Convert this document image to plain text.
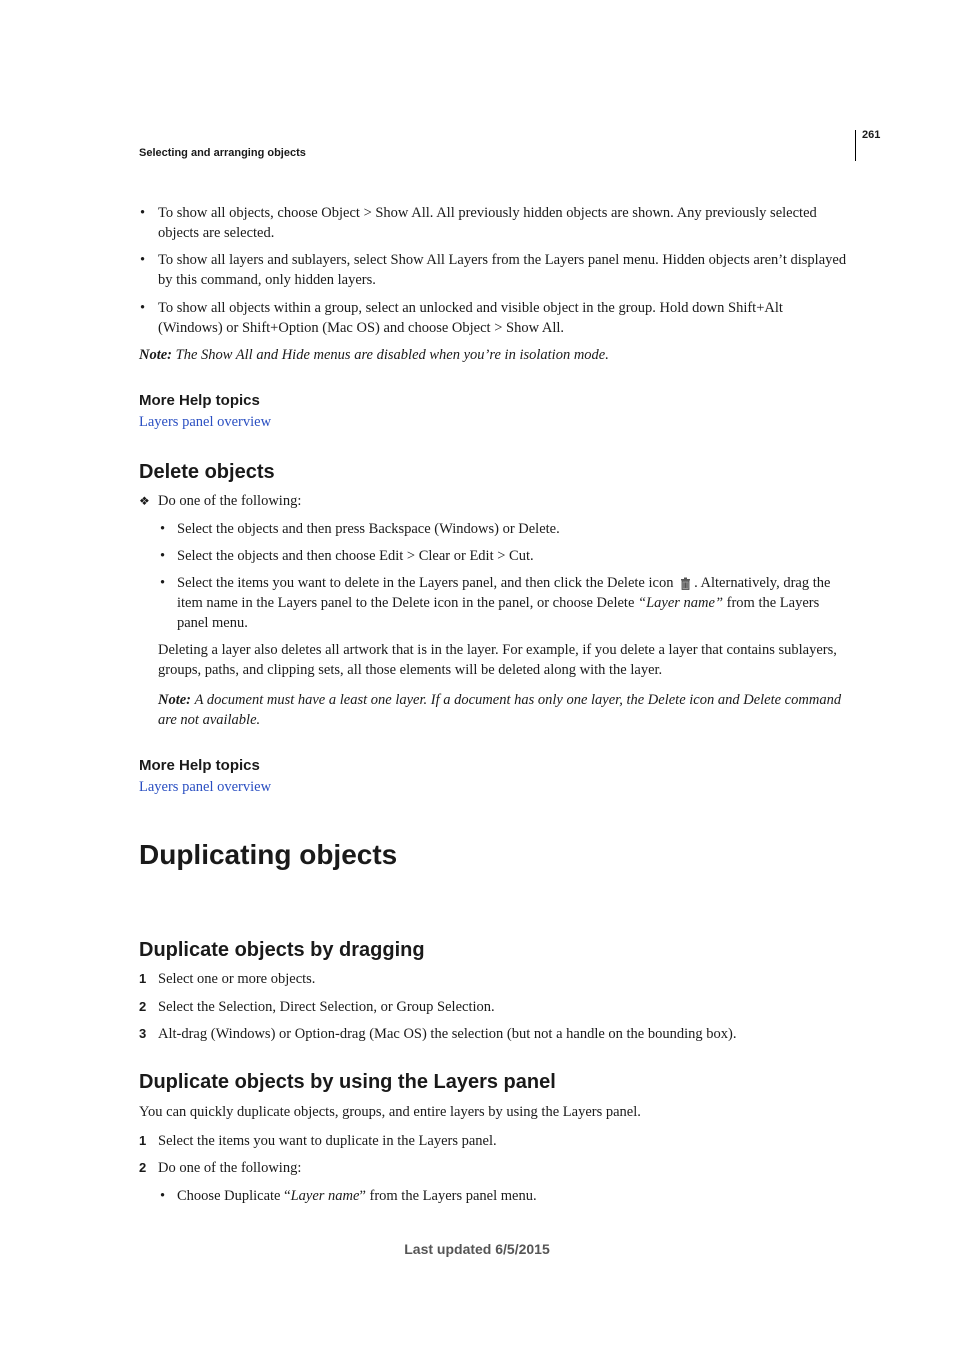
Selecting and arranging objects
261
• To show all objects, choose Object > Show All. All previously hidden objects are shown. Any previously selected
objects are selected.
• To show all layers and sublayers, select Show All Layers from the Layers panel menu. Hidden objects aren’t displayed
by this command, only hidden layers.
• To show all objects within a group, select an unlocked and visible object in the group. Hold down Shift+Alt
(Windows) or Shift+Option (Mac OS) and choose Object > Show All.
Note: The Show All and Hide menus are disabled when you’re in isolation mode.
More Help topics
Layers panel overview
Delete objects
❖ Do one of the following:
• Select the objects and then press Backspace (Windows) or Delete.
• Select the objects and then choose Edit > Clear or Edit > Cut.
• Select the items you want to delete in the Layers panel, and then click the Delete icon . Alternatively, drag the
item name in the Layers panel to the Delete icon in the panel, or choose Delete “Layer name” from the Layers
panel menu.
Deleting a layer also deletes all artwork that is in the layer. For example, if you delete a layer that contains sublayers,
groups, paths, and clipping sets, all those elements will be deleted along with the layer.
Note: A document must have a least one layer. If a document has only one layer, the Delete icon and Delete command
are not available.
More Help topics
Layers panel overview
Duplicating objects
Duplicate objects by dragging
1 Select one or more objects.
2 Select the Selection, Direct Selection, or Group Selection.
3 Alt-drag (Windows) or Option-drag (Mac OS) the selection (but not a handle on the bounding box).
Duplicate objects by using the Layers panel
You can quickly duplicate objects, groups, and entire layers by using the Layers panel.
1 Select the items you want to duplicate in the Layers panel.
2 Do one of the following:
• Choose Duplicate “Layer name” from the Layers panel menu.
Last updated 6/5/2015
